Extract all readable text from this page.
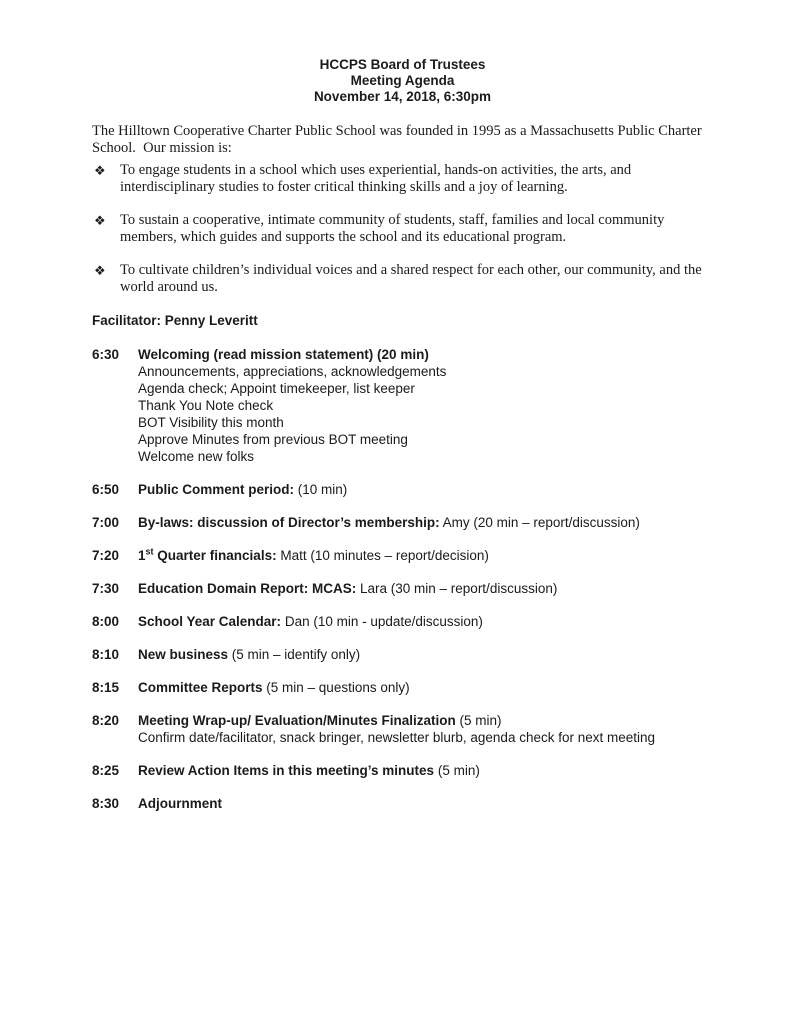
HCCPS Board of Trustees
Meeting Agenda
November 14, 2018, 6:30pm

The Hilltown Cooperative Charter Public School was founded in 1995 as a Massachusetts Public Charter School.  Our mission is:

❖ To engage students in a school which uses experiential, hands-on activities, the arts, and interdisciplinary studies to foster critical thinking skills and a joy of learning.
❖ To sustain a cooperative, intimate community of students, staff, families and local community members, which guides and supports the school and its educational program.
❖ To cultivate children’s individual voices and a shared respect for each other, our community, and the world around us.
Facilitator: Penny Leveritt
6:30	Welcoming (read mission statement) (20 min)
Announcements, appreciations, acknowledgements
Agenda check; Appoint timekeeper, list keeper
Thank You Note check
BOT Visibility this month
Approve Minutes from previous BOT meeting
Welcome new folks
6:50	Public Comment period: (10 min)
7:00	By-laws: discussion of Director’s membership: Amy (20 min – report/discussion)
7:20	1st Quarter financials: Matt (10 minutes – report/decision)
7:30	Education Domain Report: MCAS: Lara (30 min – report/discussion)
8:00	School Year Calendar: Dan (10 min - update/discussion)
8:10	New business (5 min – identify only)
8:15	Committee Reports (5 min – questions only)
8:20	Meeting Wrap-up/ Evaluation/Minutes Finalization (5 min)
Confirm date/facilitator, snack bringer, newsletter blurb, agenda check for next meeting
8:25	Review Action Items in this meeting’s minutes (5 min)
8:30	Adjournment
